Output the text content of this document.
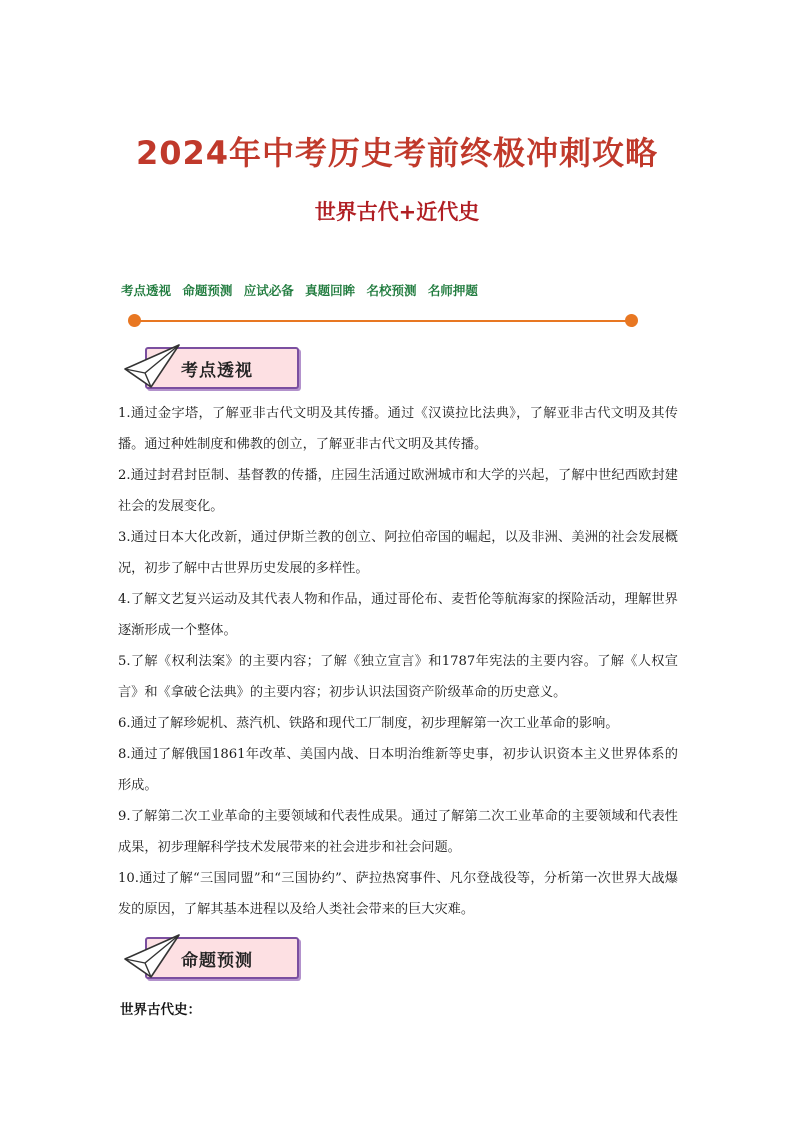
2024年中考历史考前终极冲刺攻略
世界古代+近代史
考点透视 命题预测 应试必备 真题回眸 名校预测 名师押题
考点透视

1.通过金字塔，了解亚非古代文明及其传播。通过《汉谟拉比法典》，了解亚非古代文明及其传播。通过种姓制度和佛教的创立，了解亚非古代文明及其传播。

2.通过封君封臣制、基督教的传播，庄园生活通过欧洲城市和大学的兴起，了解中世纪西欧封建社会的发展变化。

3.通过日本大化改新，通过伊斯兰教的创立、阿拉伯帝国的崛起，以及非洲、美洲的社会发展概况，初步了解中古世界历史发展的多样性。

4.了解文艺复兴运动及其代表人物和作品，通过哥伦布、麦哲伦等航海家的探险活动，理解世界逐渐形成一个整体。

5.了解《权利法案》的主要内容；了解《独立宣言》和1787年宪法的主要内容。了解《人权宣言》和《拿破仑法典》的主要内容；初步认识法国资产阶级革命的历史意义。

6.通过了解珍妮机、蒸汽机、铁路和现代工厂制度，初步理解第一次工业革命的影响。

8.通过了解俄国1861年改革、美国内战、日本明治维新等史事，初步认识资本主义世界体系的形成。

9.了解第二次工业革命的主要领域和代表性成果。通过了解第二次工业革命的主要领域和代表性成果，初步理解科学技术发展带来的社会进步和社会问题。

10.通过了解“三国同盟”和“三国协约”、萨拉热窝事件、凡尔登战役等，分析第一次世界大战爆发的原因，了解其基本进程以及给人类社会带来的巨大灾难。

命题预测
世界古代史：
